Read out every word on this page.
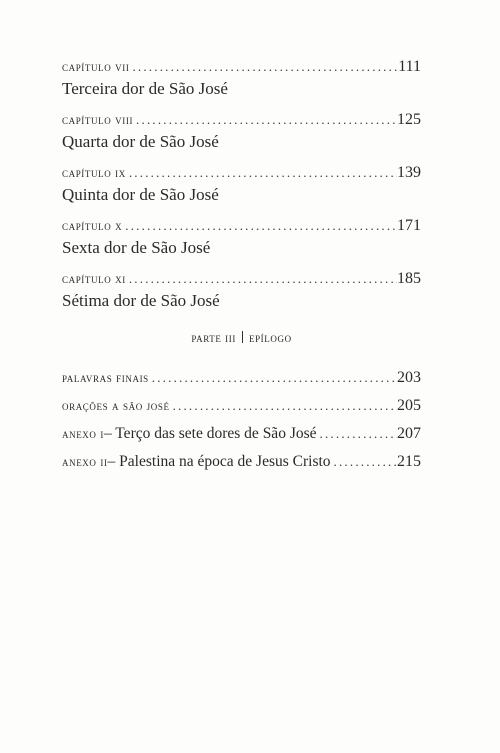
capítulo vii .....	111
Terceira dor de São José
capítulo viii .....	125
Quarta dor de São José
capítulo ix .....	139
Quinta dor de São José
capítulo x .....	171
Sexta dor de São José
capítulo xi .....	185
Sétima dor de São José
parte iii epílogo
palavras finais .....	203
orações a são josé .....	205
anexo i – Terço das sete dores de São José .....	207
anexo ii – Palestina na época de Jesus Cristo .....	215
